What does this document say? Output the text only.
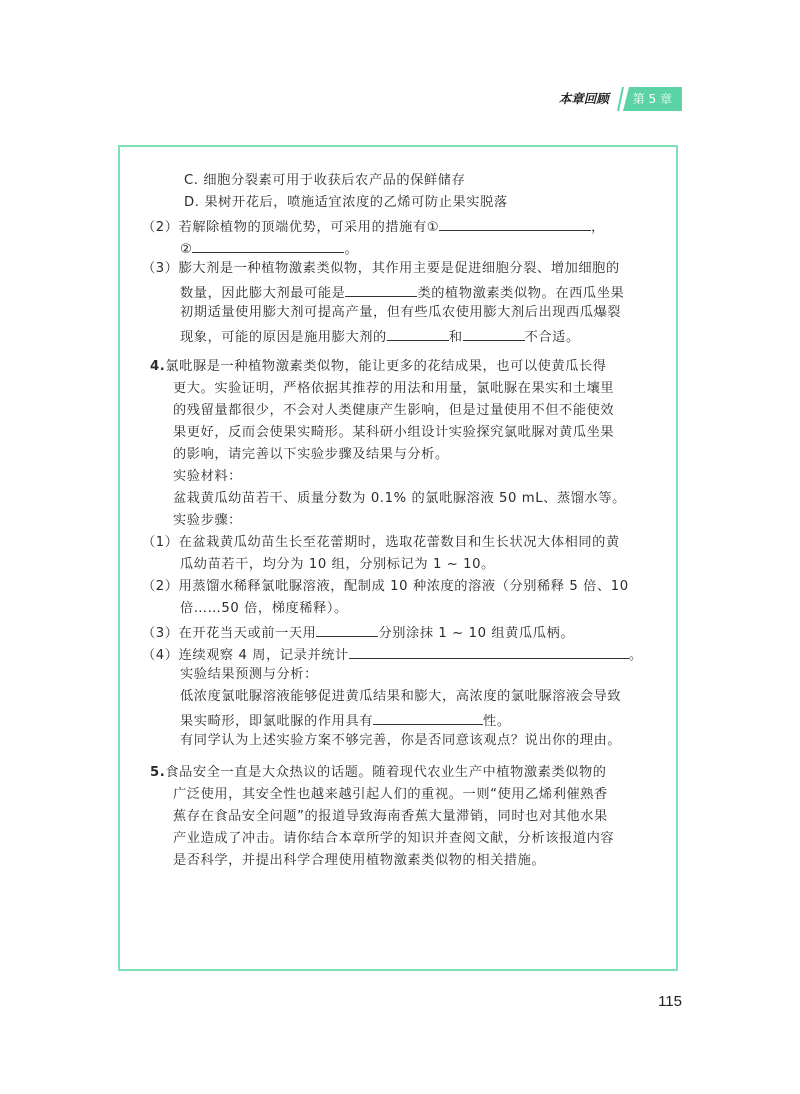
本章回顾	第 5 章
C. 细胞分裂素可用于收获后农产品的保鲜储存
D. 果树开花后，喷施适宜浓度的乙烯可防止果实脱落
（2）若解除植物的顶端优势，可采用的措施有①	，
②	。
（3）膨大剂是一种植物激素类似物，其作用主要是促进细胞分裂、增加细胞的
数量，因此膨大剂最可能是	类的植物激素类似物。在西瓜坐果
初期适量使用膨大剂可提高产量，但有些瓜农使用膨大剂后出现西瓜爆裂
现象，可能的原因是施用膨大剂的	和	不合适。
4.氯吡脲是一种植物激素类似物，能让更多的花结成果，也可以使黄瓜长得
更大。实验证明，严格依据其推荐的用法和用量，氯吡脲在果实和土壤里
的残留量都很少，不会对人类健康产生影响，但是过量使用不但不能使效
果更好，反而会使果实畸形。某科研小组设计实验探究氯吡脲对黄瓜坐果
的影响，请完善以下实验步骤及结果与分析。
实验材料：
盆栽黄瓜幼苗若干、质量分数为 0.1% 的氯吡脲溶液 50 mL、蒸馏水等。
实验步骤：
（1）在盆栽黄瓜幼苗生长至花蕾期时，选取花蕾数目和生长状况大体相同的黄
瓜幼苗若干，均分为 10 组，分别标记为 1 ~ 10。
（2）用蒸馏水稀释氯吡脲溶液，配制成 10 种浓度的溶液（分别稀释 5 倍、10
倍……50 倍，梯度稀释）。
（3）在开花当天或前一天用	分别涂抹 1 ~ 10 组黄瓜瓜柄。
（4）连续观察 4 周，记录并统计	。
实验结果预测与分析：
低浓度氯吡脲溶液能够促进黄瓜结果和膨大，高浓度的氯吡脲溶液会导致
果实畸形，即氯吡脲的作用具有	性。
有同学认为上述实验方案不够完善，你是否同意该观点？说出你的理由。
5.食品安全一直是大众热议的话题。随着现代农业生产中植物激素类似物的
广泛使用，其安全性也越来越引起人们的重视。一则“使用乙烯利催熟香
蕉存在食品安全问题”的报道导致海南香蕉大量滞销，同时也对其他水果
产业造成了冲击。请你结合本章所学的知识并查阅文献，分析该报道内容
是否科学，并提出科学合理使用植物激素类似物的相关措施。
115
